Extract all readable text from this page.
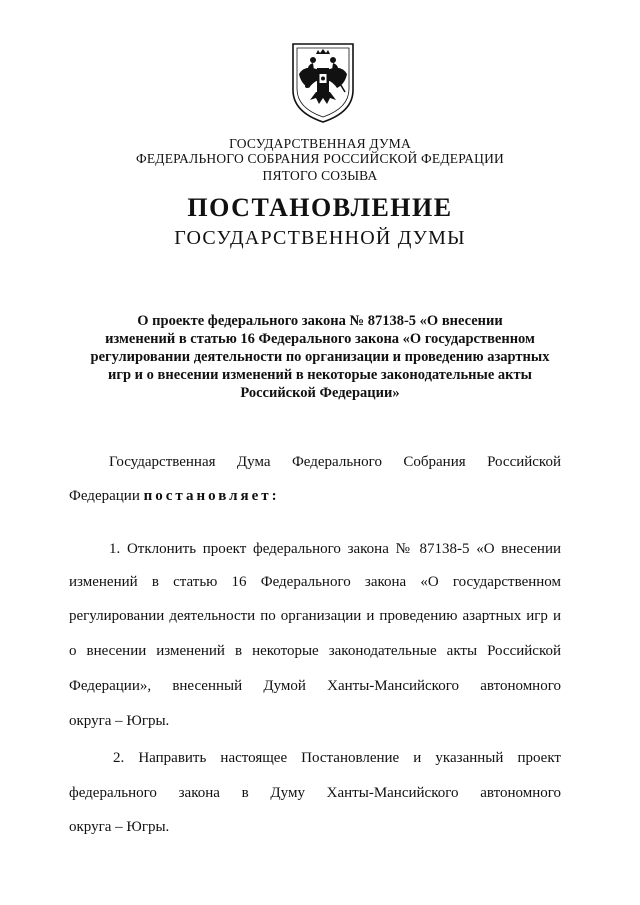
ГОСУДАРСТВЕННАЯ ДУМА
ФЕДЕРАЛЬНОГО СОБРАНИЯ РОССИЙСКОЙ ФЕДЕРАЦИИ
ПЯТОГО СОЗЫВА
ПОСТАНОВЛЕНИЕ
ГОСУДАРСТВЕННОЙ ДУМЫ
О проекте федерального закона № 87138-5 «О внесении
изменений в статью 16 Федерального закона «О государственном
регулировании деятельности по организации и проведению азартных
игр и о внесении изменений в некоторые законодательные акты
Российской Федерации»
Государственная Дума Федерального Собрания Российской
Федерации постановляет:
1. Отклонить проект федерального закона № 87138-5 «О внесении
изменений в статью 16 Федерального закона «О государственном
регулировании деятельности по организации и проведению азартных игр и
о внесении изменений в некоторые законодательные акты Российской
Федерации», внесенный Думой Ханты-Мансийского автономного
округа – Югры.
2. Направить настоящее Постановление и указанный проект
федерального закона в Думу Ханты-Мансийского автономного
округа – Югры.
